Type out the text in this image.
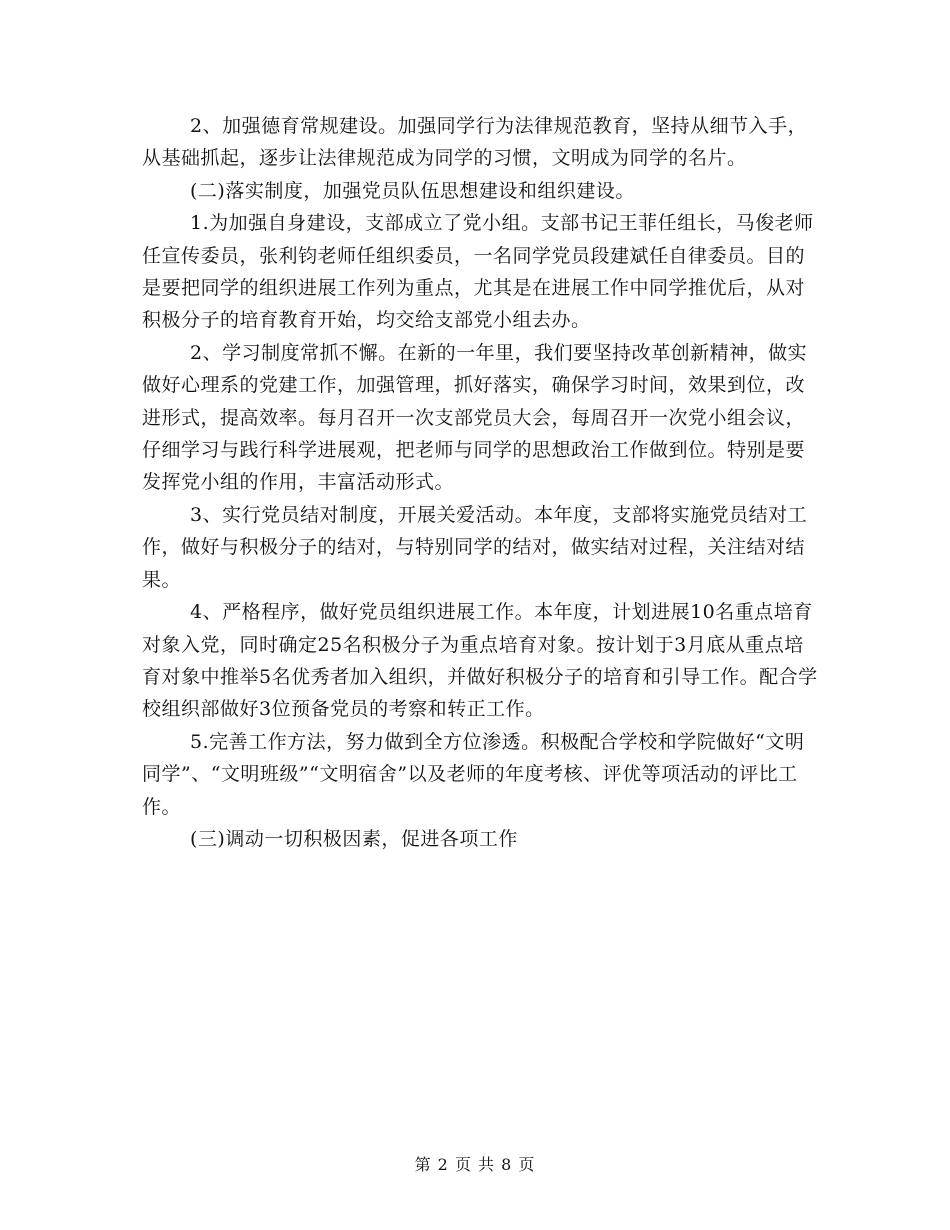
2、加强德育常规建设。加强同学行为法律规范教育，坚持从细节入手，从基础抓起，逐步让法律规范成为同学的习惯，文明成为同学的名片。

(二)落实制度，加强党员队伍思想建设和组织建设。

1.为加强自身建设，支部成立了党小组。支部书记王菲任组长，马俊老师任宣传委员，张利钧老师任组织委员，一名同学党员段建斌任自律委员。目的是要把同学的组织进展工作列为重点，尤其是在进展工作中同学推优后，从对积极分子的培育教育开始，均交给支部党小组去办。

2、学习制度常抓不懈。在新的一年里，我们要坚持改革创新精神，做实做好心理系的党建工作，加强管理，抓好落实，确保学习时间，效果到位，改进形式，提高效率。每月召开一次支部党员大会，每周召开一次党小组会议，仔细学习与践行科学进展观，把老师与同学的思想政治工作做到位。特别是要发挥党小组的作用，丰富活动形式。

3、实行党员结对制度，开展关爱活动。本年度，支部将实施党员结对工作，做好与积极分子的结对，与特别同学的结对，做实结对过程，关注结对结果。

4、严格程序，做好党员组织进展工作。本年度，计划进展10名重点培育对象入党，同时确定25名积极分子为重点培育对象。按计划于3月底从重点培育对象中推举5名优秀者加入组织，并做好积极分子的培育和引导工作。配合学校组织部做好3位预备党员的考察和转正工作。

5.完善工作方法，努力做到全方位渗透。积极配合学校和学院做好“文明同学”、“文明班级”“文明宿舍”以及老师的年度考核、评优等项活动的评比工作。

(三)调动一切积极因素，促进各项工作

第 2 页 共 8 页
